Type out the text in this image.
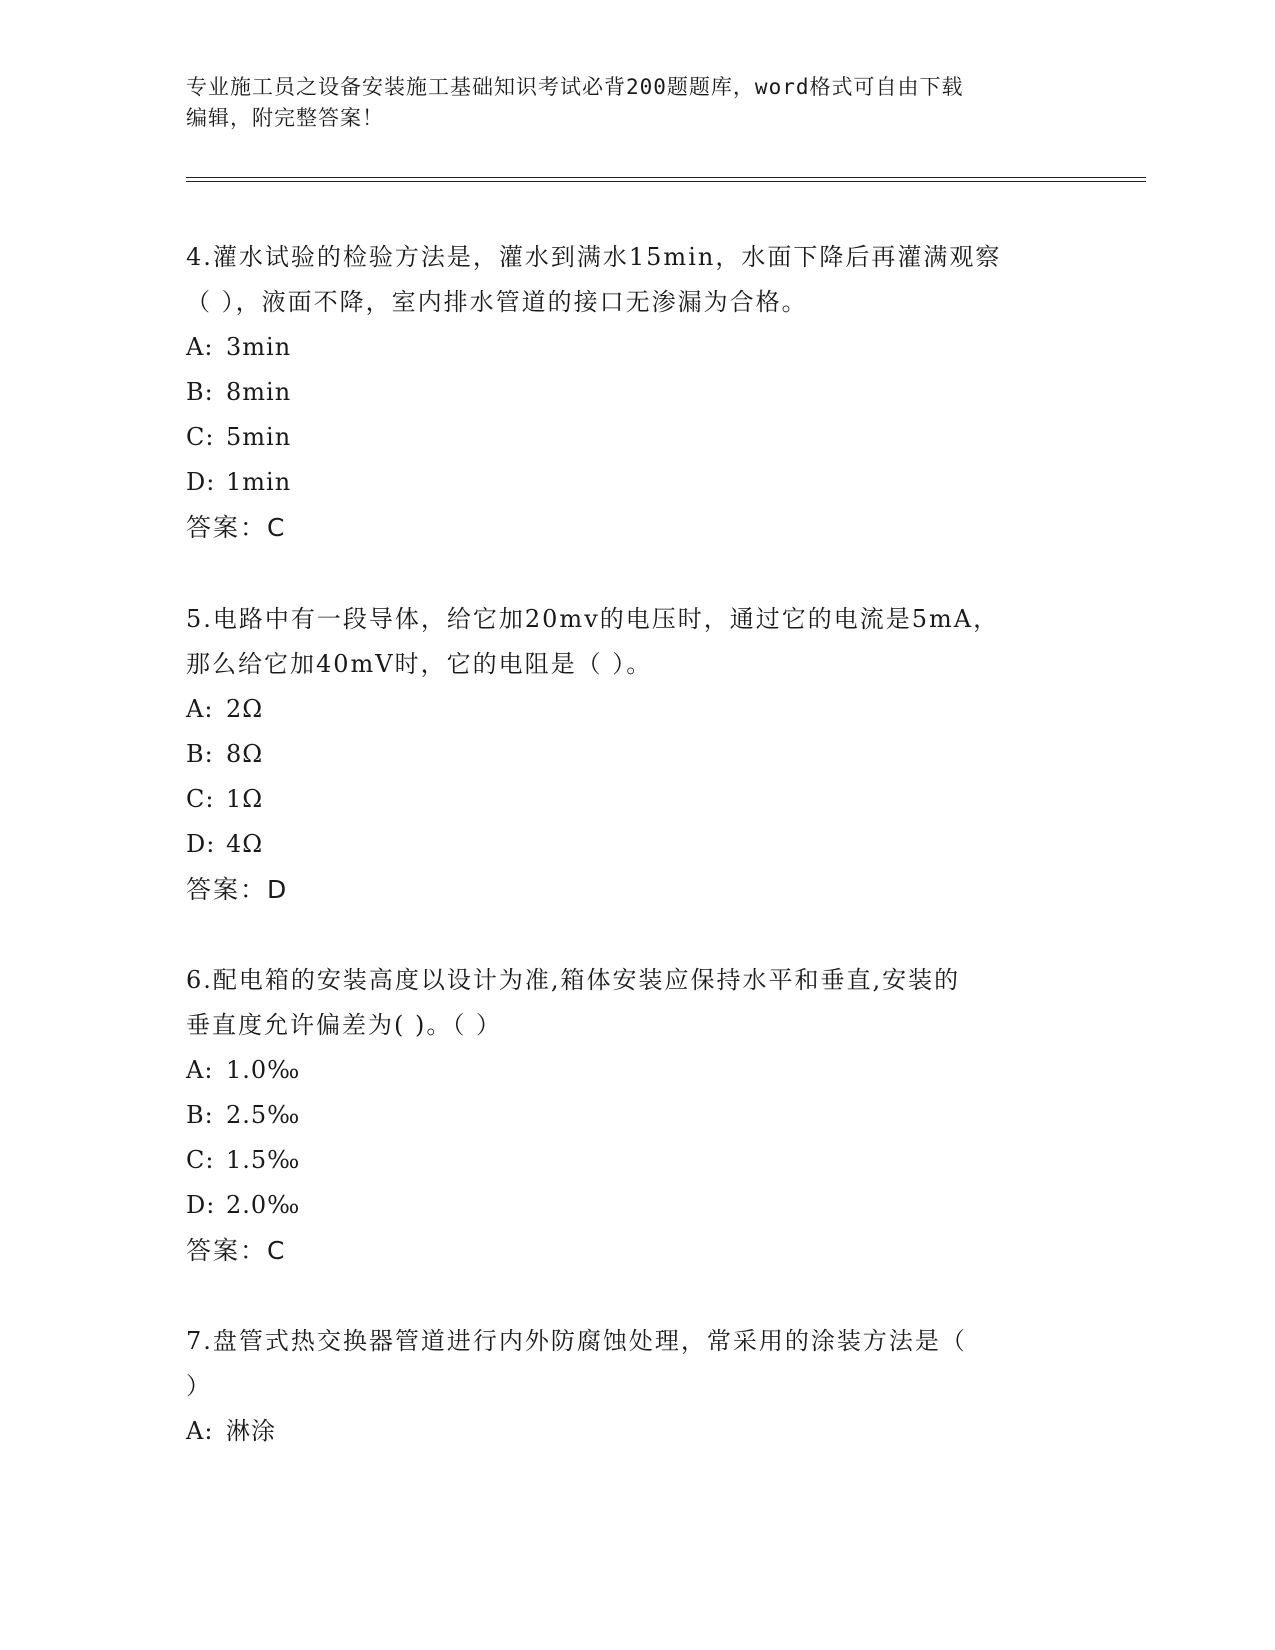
专业施工员之设备安装施工基础知识考试必背200题题库，word格式可自由下载
编辑，附完整答案！

4.灌水试验的检验方法是，灌水到满水15min，水面下降后再灌满观察

（ ），液面不降，室内排水管道的接口无渗漏为合格。

A: 3min

B: 8min

C: 5min

D: 1min

答案：C

5.电路中有一段导体，给它加20mv的电压时，通过它的电流是5mA，

那么给它加40mV时，它的电阻是（ ）。

A: 2Ω

B: 8Ω

C: 1Ω

D: 4Ω

答案：D

6.配电箱的安装高度以设计为准,箱体安装应保持水平和垂直,安装的

垂直度允许偏差为( )。（ ）

A: 1.0‰

B: 2.5‰

C: 1.5‰

D: 2.0‰

答案：C

7.盘管式热交换器管道进行内外防腐蚀处理，常采用的涂装方法是（

）

A: 淋涂
